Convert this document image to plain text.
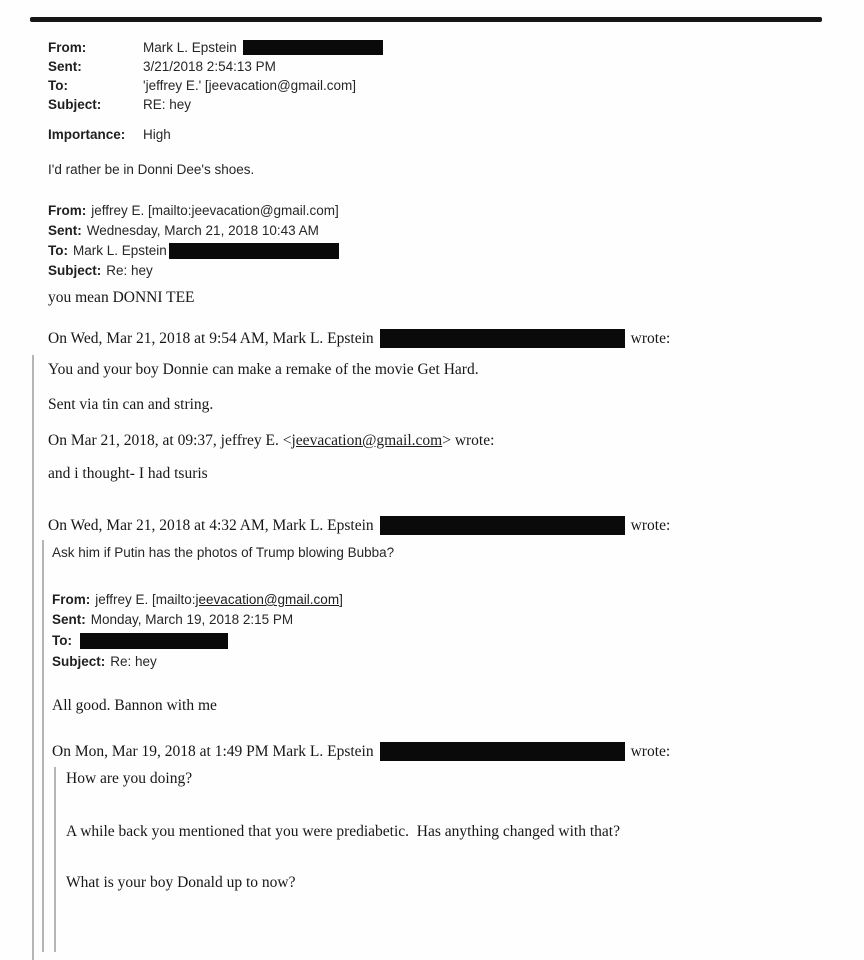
From:	Mark L. Epstein
Sent:	3/21/2018 2:54:13 PM
To:	'jeffrey E.' [jeevacation@gmail.com]
Subject:	RE: hey
Importance:	High
I'd rather be in Donni Dee's shoes.
From: jeffrey E. [mailto:jeevacation@gmail.com]
Sent: Wednesday, March 21, 2018 10:43 AM
To: Mark L. Epstein
Subject: Re: hey
you mean DONNI TEE
On Wed, Mar 21, 2018 at 9:54 AM, Mark L. Epstein	wrote:
You and your boy Donnie can make a remake of the movie Get Hard.
Sent via tin can and string.
On Mar 21, 2018, at 09:37, jeffrey E. <jeevacation@gmail.com> wrote:
and i thought- I had tsuris
On Wed, Mar 21, 2018 at 4:32 AM, Mark L. Epstein	wrote:
Ask him if Putin has the photos of Trump blowing Bubba?
From: jeffrey E. [mailto: jeevacation@gmail.com ]
Sent: Monday, March 19, 2018 2:15 PM
To:
Subject: Re: hey
All good. Bannon with me
On Mon, Mar 19, 2018 at 1:49 PM Mark L. Epstein	wrote:
How are you doing?
A while back you mentioned that you were prediabetic.  Has anything changed with that?
What is your boy Donald up to now?
